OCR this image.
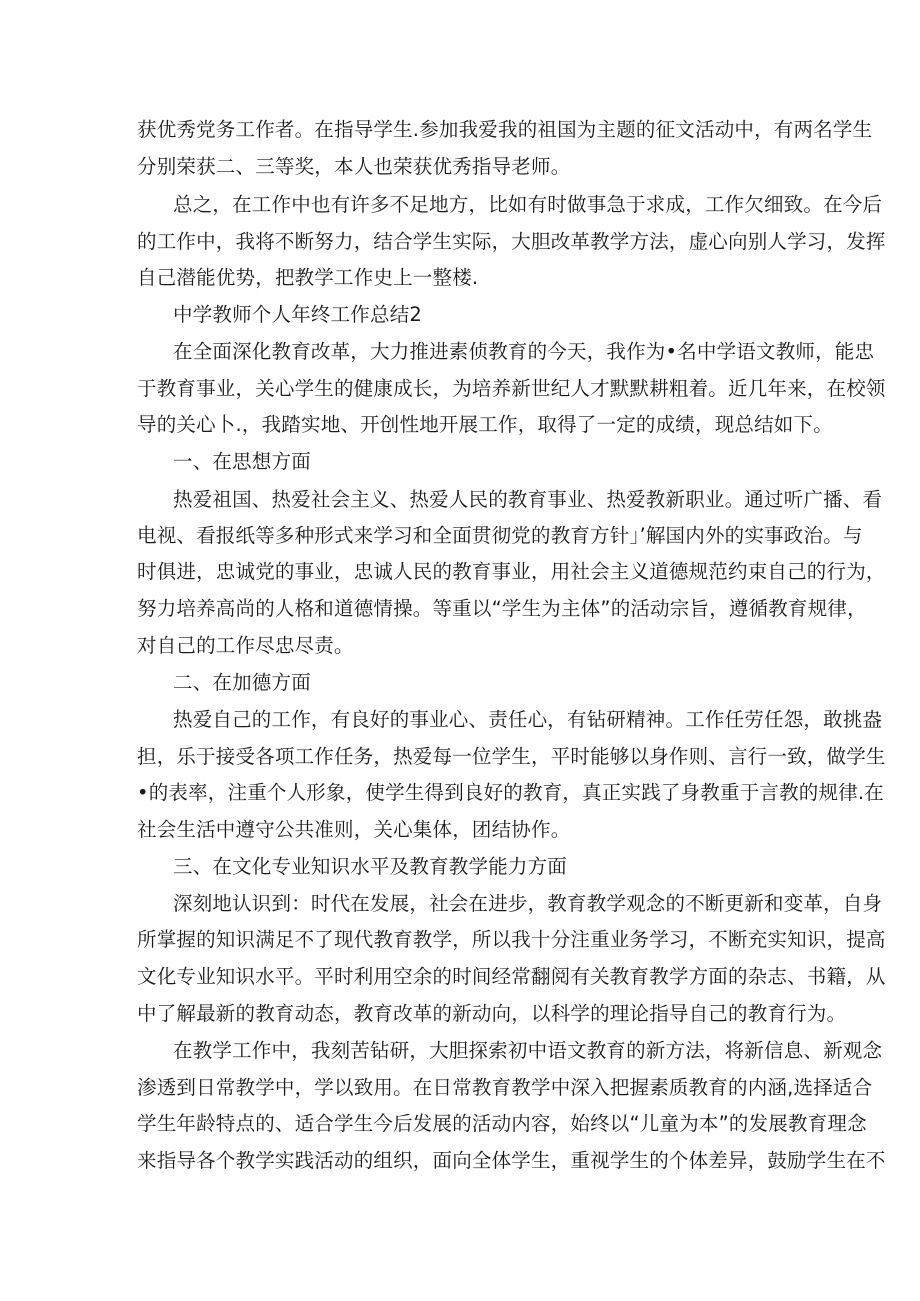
获优秀党务工作者。在指导学生.参加我爱我的祖国为主题的征文活动中，有两名学生
分别荣获二、三等奖，本人也荣获优秀指导老师。
总之，在工作中也有许多不足地方，比如有时做事急于求成，工作欠细致。在今后
的工作中，我将不断努力，结合学生实际，大胆改革教学方法，虚心向别人学习，发挥
自己潜能优势，把教学工作史上一整楼.
中学教师个人年终工作总结2
在全面深化教育改革，大力推进素侦教育的今天，我作为•名中学语文教师，能忠
于教育事业，关心学生的健康成长，为培养新世纪人才默默耕粗着。近几年来，在校领
导的关心卜.，我踏实地、开创性地开展工作，取得了一定的成绩，现总结如下。
一、在思想方面
热爱祖国、热爱社会主义、热爱人民的教育事业、热爱教新职业。通过听广播、看
电视、看报纸等多种形式来学习和全面贯彻党的教育方针」’解国内外的实事政治。与
时俱进，忠诚党的事业，忠诚人民的教育事业，用社会主义道德规范约束自己的行为，
努力培养高尚的人格和道德情操。等重以“学生为主体”的活动宗旨，遵循教育规律，
对自己的工作尽忠尽责。
二、在加德方面
热爱自己的工作，有良好的事业心、责任心，有钻研精神。工作任劳任怨，敢挑盎
担，乐于接受各项工作任务，热爱每一位学生，平时能够以身作则、言行一致，做学生
•的表率，注重个人形象，使学生得到良好的教育，真正实践了身教重于言教的规律.在
社会生活中遵守公共准则，关心集体，团结协作。
三、在文化专业知识水平及教育教学能力方面
深刻地认识到：时代在发展，社会在进步，教育教学观念的不断更新和变革，自身
所掌握的知识满足不了现代教育教学，所以我十分注重业务学习，不断充实知识，提高
文化专业知识水平。平时利用空余的时间经常翻阅有关教育教学方面的杂志、书籍，从
中了解最新的教育动态，教育改革的新动向，以科学的理论指导自己的教育行为。
在教学工作中，我刻苦钻研，大胆探索初中语文教育的新方法，将新信息、新观念
渗透到日常教学中，学以致用。在日常教育教学中深入把握素质教育的内涵,选择适合
学生年龄特点的、适合学生今后发展的活动内容，始终以“儿童为本”的发展教育理念
来指导各个教学实践活动的组织，面向全体学生，重视学生的个体差异，鼓励学生在不
